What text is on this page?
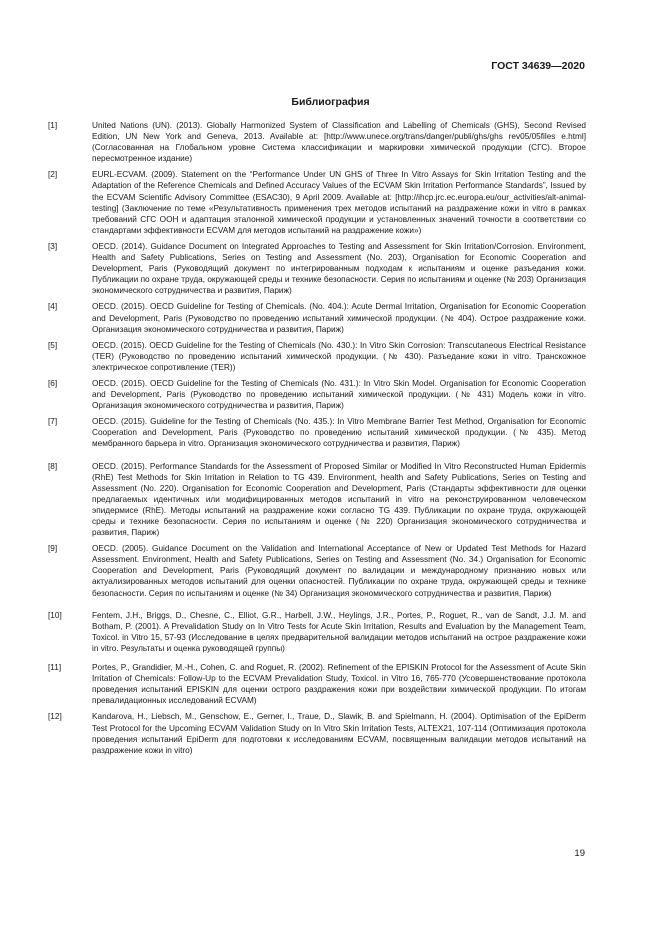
ГОСТ 34639—2020
Библиография
[1]	United Nations (UN). (2013). Globally Harmonized System of Classification and Labelling of Chemicals (GHS), Second Revised Edition, UN New York and Geneva, 2013. Available at: [http://www.unece.org/trans/danger/publi/ghs/ghs rev05/05files e.html] (Согласованная на Глобальном уровне Система классификации и маркировки химической продукции (СГС). Второе пересмотренное издание)
[2]	EURL-ECVAM. (2009). Statement on the “Performance Under UN GHS of Three In Vitro Assays for Skin Irritation Testing and the Adaptation of the Reference Chemicals and Defined Accuracy Values of the ECVAM Skin Irritation Performance Standards”, Issued by the ECVAM Scientific Advisory Committee (ESAC30), 9 April 2009. Available at: [http://ihcp.jrc.ec.europa.eu/our_activities/alt-animal- testing] (Заключение по теме «Результативность применения трех методов испытаний на раздражение кожи in vitro в рамках требований СГС ООН и адаптация эталонной химической продукции и установленных значений точности в соответствии со стандартами эффективности ECVAM для методов испытаний на раздражение кожи»)
[3]	OECD. (2014). Guidance Document on Integrated Approaches to Testing and Assessment for Skin Irritation/Corrosion. Environment, Health and Safety Publications, Series on Testing and Assessment (No. 203), Organisation for Economic Cooperation and Development, Paris (Руководящий документ по интегрированным подходам к испытаниям и оценке разъедания кожи. Публикации по охране труда, окружающей среды и технике безопасности. Серия по испытаниям и оценке (№ 203) Организация экономического сотрудничества и развития, Париж)
[4]	OECD. (2015). OECD Guideline for Testing of Chemicals. (No. 404.): Acute Dermal Irritation, Organisation for Economic Cooperation and Development, Paris (Руководство по проведению испытаний химической продукции. (№ 404). Острое раздражение кожи. Организация экономического сотрудничества и развития, Париж)
[5]	OECD. (2015). OECD Guideline for the Testing of Chemicals (No. 430.): In Vitro Skin Corrosion: Transcutaneous Electrical Resistance (TER) (Руководство по проведению испытаний химической продукции. (№ 430). Разъедание кожи in vitro. Транскожное электрическое сопротивление (TER))
[6]	OECD. (2015). OECD Guideline for the Testing of Chemicals (No. 431.): In Vitro Skin Model. Organisation for Economic Cooperation and Development, Paris (Руководство по проведению испытаний химической продукции. (№ 431) Модель кожи in vitro. Организация экономического сотрудничества и развития, Париж)
[7]	OECD. (2015). Guideline for the Testing of Chemicals (No. 435.): In Vitro Membrane Barrier Test Method, Organisation for Economic Cooperation and Development, Paris (Руководство по проведению испытаний химической продукции. (№ 435). Метод мембранного барьера in vitro. Организация экономического сотрудничества и развития, Париж)
[8]	OECD. (2015). Performance Standards for the Assessment of Proposed Similar or Modified In Vitro Reconstructed Human Epidermis (RhE) Test Methods for Skin Irritation in Relation to TG 439. Environment, health and Safety Publications, Series on Testing and Assessment (No. 220). Organisation for Economic Cooperation and Development, Paris (Стандарты эффективности для оценки предлагаемых идентичных или модифицированных методов испытаний in vitro на реконструированном человеческом эпидермисе (RhE). Методы испытаний на раздражение кожи согласно TG 439. Публикации по охране труда, окружающей среды и технике безопасности. Серия по испытаниям и оценке (№ 220) Организация экономического сотрудничества и развития, Париж)
[9]	OECD. (2005). Guidance Document on the Validation and International Acceptance of New or Updated Test Methods for Hazard Assessment. Environment, Health and Safety Publications, Series on Testing and Assessment (No. 34.) Organisation for Economic Cooperation and Development, Paris (Руководящий документ по валидации и международному признанию новых или актуализированных методов испытаний для оценки опасностей. Публикации по охране труда, окружающей среды и технике безопасности. Серия по испытаниям и оценке (№ 34) Организация экономического сотрудничества и развития, Париж)
[10]	Fentem, J.H., Briggs, D., Chesne, C., Elliot, G.R., Harbell, J.W., Heylings, J.R., Portes, P., Roguet, R., van de Sandt, J.J. M. and Botham, P. (2001). A Prevalidation Study on In Vitro Tests for Acute Skin Irritation, Results and Evaluation by the Management Team, Toxicol. in Vitro 15, 57-93 (Исследование в целях предварительной валидации методов испытаний на острое раздражение кожи in vitro. Результаты и оценка руководящей группы)
[11]	Portes, P., Grandidier, M.-H., Cohen, C. and Roguet, R. (2002). Refinement of the EPISKIN Protocol for the Assessment of Acute Skin Irritation of Chemicals: Follow-Up to the ECVAM Prevalidation Study, Toxicol. in Vitro 16, 765-770 (Усовершенствование протокола проведения испытаний EPISKIN для оценки острого раздражения кожи при воздействии химической продукции. По итогам превалидационных исследований ECVAM)
[12]	Kandarova, H., Liebsch, M., Genschow, E., Gerner, I., Traue, D., Slawik, B. and Spielmann, H. (2004). Optimisation of the EpiDerm Test Protocol for the Upcoming ECVAM Validation Study on In Vitro Skin Irritation Tests, ALTEX21, 107-114 (Оптимизация протокола проведения испытаний EpiDerm для подготовки к исследованиям ECVAM, посвященным валидации методов испытаний на раздражение кожи in vitro)
19
